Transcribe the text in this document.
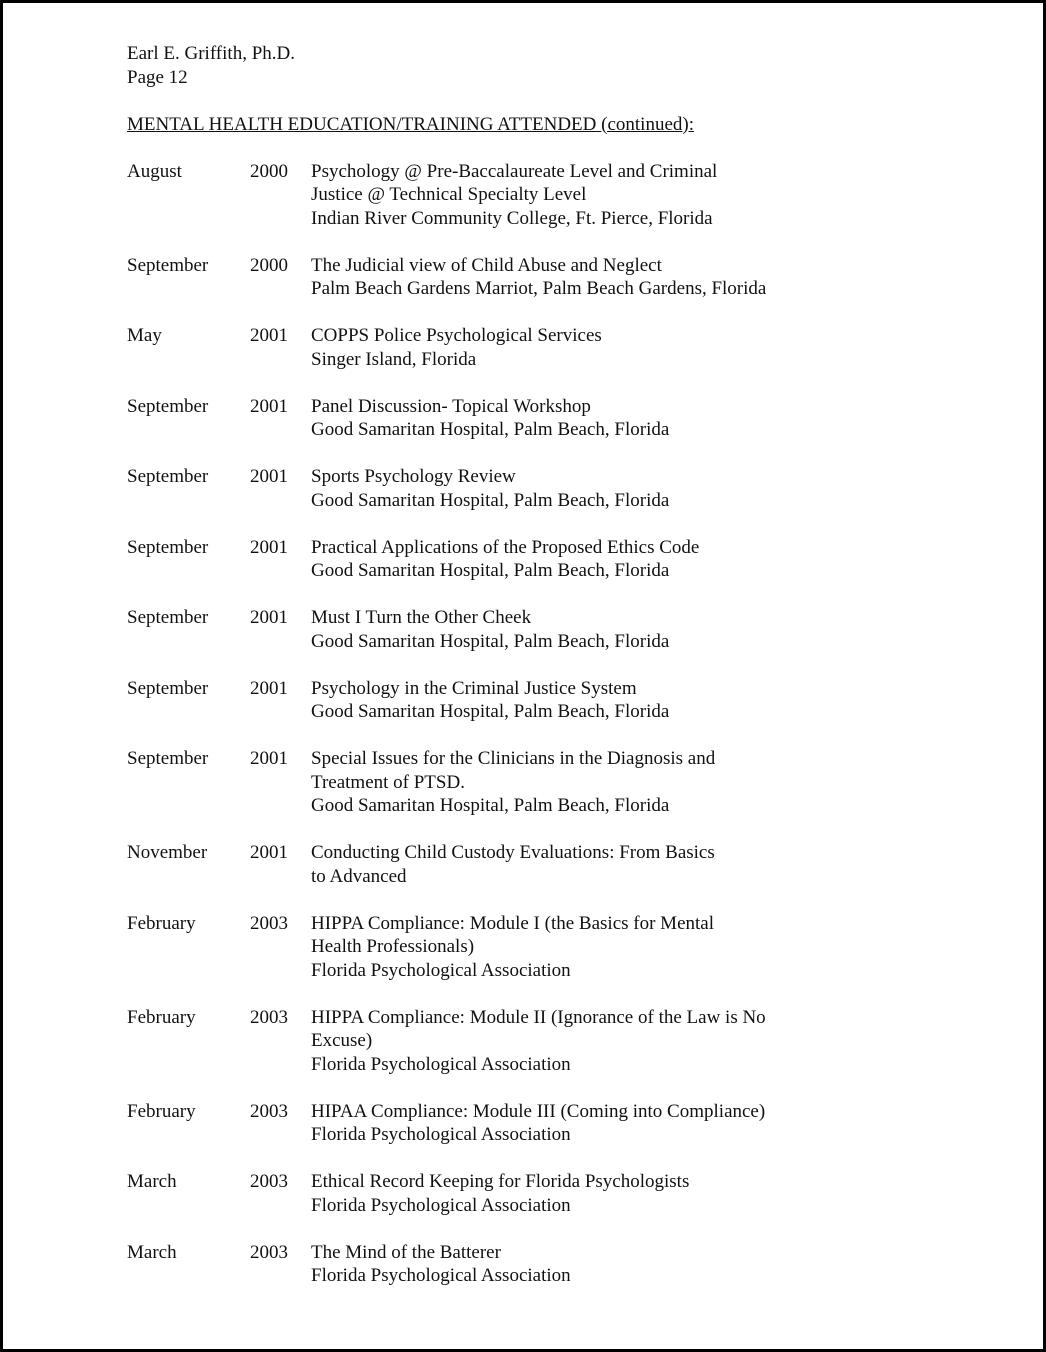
Earl E. Griffith, Ph.D.
Page 12
MENTAL HEALTH EDUCATION/TRAINING ATTENDED (continued):
August	2000	Psychology @ Pre-Baccalaureate Level and Criminal
Justice @ Technical Specialty Level
Indian River Community College, Ft. Pierce, Florida
September	2000	The Judicial view of Child Abuse and Neglect
Palm Beach Gardens Marriot, Palm Beach Gardens, Florida
May	2001	COPPS Police Psychological Services
Singer Island, Florida
September	2001	Panel Discussion- Topical Workshop
Good Samaritan Hospital, Palm Beach, Florida
September	2001	Sports Psychology Review
Good Samaritan Hospital, Palm Beach, Florida
September	2001	Practical Applications of the Proposed Ethics Code
Good Samaritan Hospital, Palm Beach, Florida
September	2001	Must I Turn the Other Cheek
Good Samaritan Hospital, Palm Beach, Florida
September	2001	Psychology in the Criminal Justice System
Good Samaritan Hospital, Palm Beach, Florida
September	2001	Special Issues for the Clinicians in the Diagnosis and
Treatment of PTSD.
Good Samaritan Hospital, Palm Beach, Florida
November	2001	Conducting Child Custody Evaluations: From Basics
to Advanced
February	2003	HIPPA Compliance: Module I (the Basics for Mental
Health Professionals)
Florida Psychological Association
February	2003	HIPPA Compliance: Module II (Ignorance of the Law is No
Excuse)
Florida Psychological Association
February	2003	HIPAA Compliance: Module III (Coming into Compliance)
Florida Psychological Association
March	2003	Ethical Record Keeping for Florida Psychologists
Florida Psychological Association
March	2003	The Mind of the Batterer
Florida Psychological Association
